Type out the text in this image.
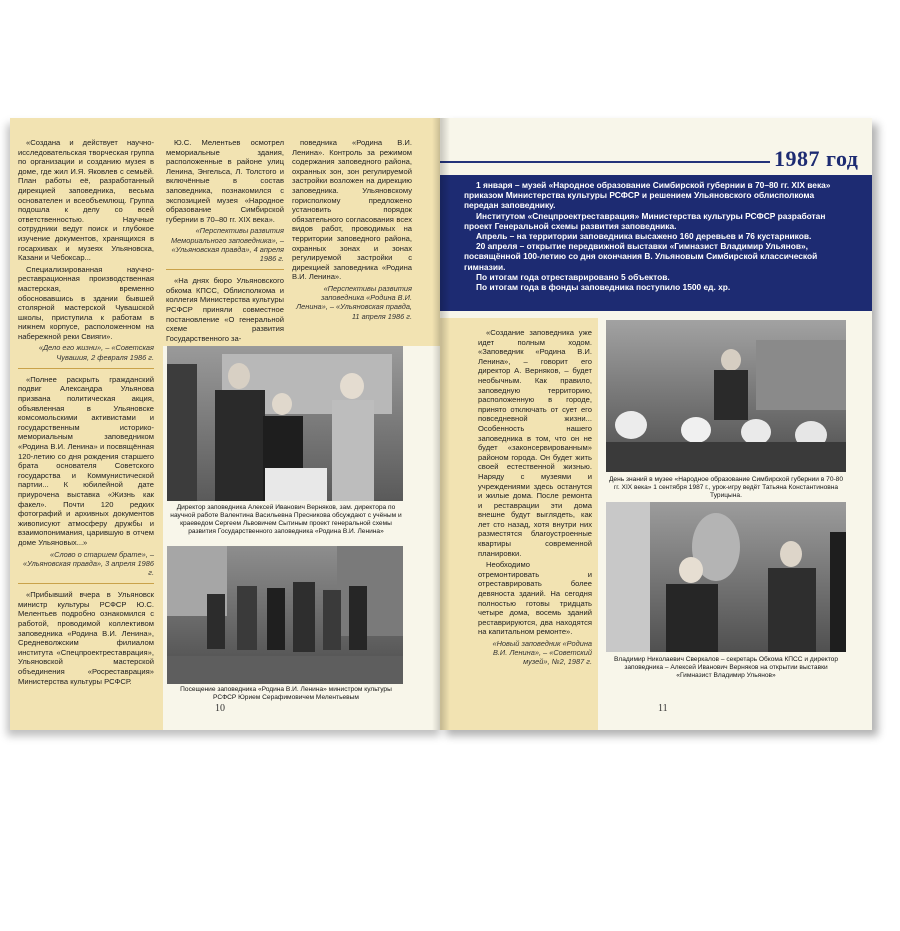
«Создана и действует научно-исследовательская творческая группа по организации и созданию музея в доме, где жил И.Я. Яковлев с семьёй. План работы её, разработанный дирекцией заповедника, весьма основателен и всеобъемлющ. Группа подошла к делу со всей ответственностью. Научные сотрудники ведут поиск и глубокое изучение документов, хранящихся в госархивах и музеях Ульяновска, Казани и Чебоксар...

Специализированная научно-реставрационная производственная мастерская, временно обосновавшись в здании бывшей столярной мастерской Чувашской школы, приступила к работам в нижнем корпусе, расположенном на набережной реки Свияги».

«Дело его жизни», – «Советская Чувашия, 2 февраля 1986 г.

«Полнее раскрыть гражданский подвиг Александра Ульянова призвана политическая акция, объявленная в Ульяновске комсомольскими активистами и государственным историко-мемориальным заповедником «Родина В.И. Ленина» и посвящённая 120-летию со дня рождения старшего брата основателя Советского государства и Коммунистической партии... К юбилейной дате приурочена выставка «Жизнь как факел». Почти 120 редких фотографий и архивных документов живописуют атмосферу дружбы и взаимопонимания, царившую в отчем доме Ульяновых...»

«Слово о старшем брате», – «Ульяновская правда», 3 апреля 1986 г.

«Прибывший вчера в Ульяновск министр культуры РСФСР Ю.С. Мелентьев подробно ознакомился с работой, проводимой коллективом заповедника «Родина В.И. Ленина», Средневолжским филиалом института «Спецпроектреставрация», Ульяновской мастерской объединения «Росреставрация» Министерства культуры РСФСР.

Ю.С. Мелентьев осмотрел мемориальные здания, расположенные в районе улиц Ленина, Энгельса, Л. Толстого и включённые в состав заповедника, познакомился с экспозицией музея «Народное образование Симбирской губернии в 70–80 гг. XIX века».

«Перспективы развития Мемориального заповедника», – «Ульяновская правда», 4 апреля 1986 г.

«На днях бюро Ульяновского обкома КПСС, Облисполкома и коллегия Министерства культуры РСФСР приняли совместное постановление «О генеральной схеме развития Государственного за-

поведника «Родина В.И. Ленина». Контроль за режимом содержания заповедного района, охранных зон, зон регулируемой застройки возложен на дирекцию заповедника. Ульяновскому горисполкому предложено установить порядок обязательного согласования всех видов работ, проводимых на территории заповедного района, охранных зонах и зонах регулируемой застройки с дирекцией заповедника «Родина В.И. Ленина».

«Перспективы развития заповедника «Родина В.И. Ленина», – «Ульяновская правда, 11 апреля 1986 г.
Директор заповедника Алексей Иванович Верняков, зам. директора по научной работе Валентина Васильевна Пресникова обсуждают с учёным и краеведом Сергеем Львовичем Сытиным проект генеральной схемы развития Государственного заповедника «Родина В.И. Ленина»
Посещение заповедника «Родина В.И. Ленина» министром культуры РСФСР Юрием Серафимовичем Мелентьевым
10
1987 год

1 января – музей «Народное образование Симбирской губернии в 70–80 гг. XIX века» приказом Министерства культуры РСФСР и решением Ульяновского облисполкома передан заповеднику.

Институтом «Спецпроектреставрация» Министерства культуры РСФСР разработан проект Генеральной схемы развития заповедника.

Апрель – на территории заповедника высажено 160 деревьев и 76 кустарников.

20 апреля – открытие передвижной выставки «Гимназист Владимир Ульянов», посвящённой 100-летию со дня окончания В. Ульяновым Симбирской классической гимназии.

По итогам года отреставрировано 5 объектов.

По итогам года в фонды заповедника поступило 1500 ед. хр.

«Создание заповедника уже идет полным ходом. «Заповедник «Родина В.И. Ленина», – говорит его директор А. Верняков, – будет необычным. Как правило, заповедную территорию, расположенную в городе, принято отключать от сует его повседневной жизни... Особенность нашего заповедника в том, что он не будет «законсервированным» районом города. Он будет жить своей естественной жизнью. Наряду с музеями и учреждениями здесь останутся и жилые дома. После ремонта и реставрации эти дома внешне будут выглядеть, как лет сто назад, хотя внутри них разместятся благоустроенные квартиры современной планировки.

Необходимо отремонтировать и отреставрировать более девяноста зданий. На сегодня полностью готовы тридцать четыре дома, восемь зданий реставрируются, два находятся на капитальном ремонте».

«Новый заповедник «Родина В.И. Ленина», – «Советский музей», №2, 1987 г.
День знаний в музее «Народное образование Симбирской губернии в 70-80 гг. XIX века» 1 сентября 1987 г., урок-игру ведёт Татьяна Константиновна Турицына.
Владимир Николаевич Сверкалов – секретарь Обкома КПСС и директор заповедника – Алексей Иванович Верняков на открытии выставки «Гимназист Владимир Ульянов»
11
